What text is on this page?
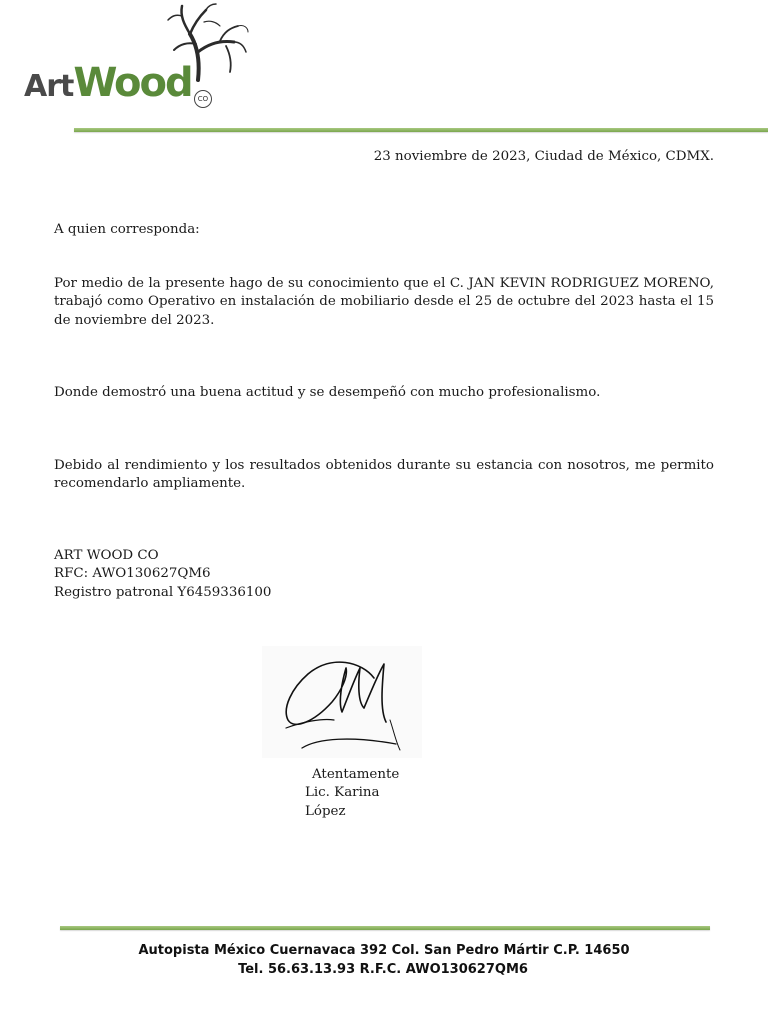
ArtWood CO
23 noviembre de 2023, Ciudad de México, CDMX.
A quien corresponda:
Por medio de la presente hago de su conocimiento que el C. JAN KEVIN RODRIGUEZ MORENO, trabajó como Operativo en instalación de mobiliario desde el 25 de octubre del 2023 hasta el 15 de noviembre del 2023.
Donde demostró una buena actitud y se desempeñó con mucho profesionalismo.
Debido al rendimiento y los resultados obtenidos durante su estancia con nosotros, me permito recomendarlo ampliamente.
ART WOOD CO
RFC: AWO130627QM6
Registro patronal Y6459336100
Atentamente
Lic. Karina López
Autopista México Cuernavaca 392 Col. San Pedro Mártir C.P. 14650
Tel. 56.63.13.93 R.F.C. AWO130627QM6
